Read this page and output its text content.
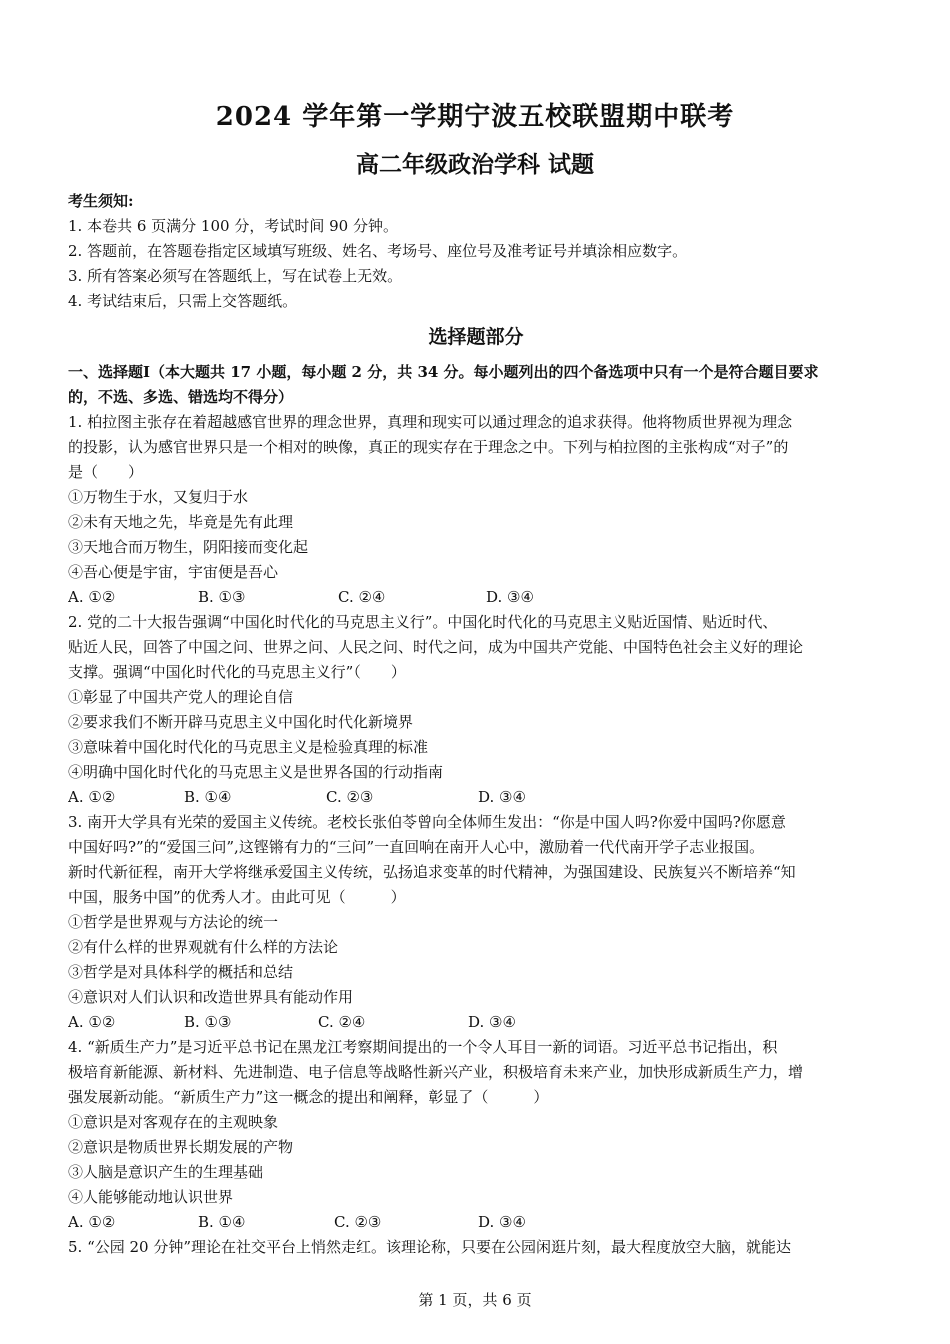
2024 学年第一学期宁波五校联盟期中联考
高二年级政治学科 试题
考生须知:
1. 本卷共 6 页满分 100 分，考试时间 90 分钟。
2. 答题前，在答题卷指定区域填写班级、姓名、考场号、座位号及准考证号并填涂相应数字。
3. 所有答案必须写在答题纸上，写在试卷上无效。
4. 考试结束后，只需上交答题纸。
选择题部分
一、选择题Ⅰ（本大题共 17 小题，每小题 2 分，共 34 分。每小题列出的四个备选项中只有一个是符合题目要求
的，不选、多选、错选均不得分）
1. 柏拉图主张存在着超越感官世界的理念世界，真理和现实可以通过理念的追求获得。他将物质世界视为理念
的投影，认为感官世界只是一个相对的映像，真正的现实存在于理念之中。下列与柏拉图的主张构成“对子”的
是（　　）
①万物生于水，又复归于水
②未有天地之先，毕竟是先有此理
③天地合而万物生，阴阳接而变化起
④吾心便是宇宙，宇宙便是吾心
A. ①②	B. ①③	C. ②④	D. ③④
2. 党的二十大报告强调“中国化时代化的马克思主义行”。中国化时代化的马克思主义贴近国情、贴近时代、
贴近人民，回答了中国之问、世界之问、人民之问、时代之问，成为中国共产党能、中国特色社会主义好的理论
支撑。强调“中国化时代化的马克思主义行”（　　）
①彰显了中国共产党人的理论自信
②要求我们不断开辟马克思主义中国化时代化新境界
③意味着中国化时代化的马克思主义是检验真理的标准
④明确中国化时代化的马克思主义是世界各国的行动指南
A. ①②	B. ①④	C. ②③	D. ③④
3. 南开大学具有光荣的爱国主义传统。老校长张伯苓曾向全体师生发出：“你是中国人吗?你爱中国吗?你愿意
中国好吗?”的“爱国三问”,这铿锵有力的“三问”一直回响在南开人心中，激励着一代代南开学子志业报国。
新时代新征程，南开大学将继承爱国主义传统，弘扬追求变革的时代精神，为强国建设、民族复兴不断培养“知
中国，服务中国”的优秀人才。由此可见（　　　）
①哲学是世界观与方法论的统一
②有什么样的世界观就有什么样的方法论
③哲学是对具体科学的概括和总结
④意识对人们认识和改造世界具有能动作用
A. ①②	B. ①③	C. ②④	D. ③④
4. “新质生产力”是习近平总书记在黑龙江考察期间提出的一个令人耳目一新的词语。习近平总书记指出，积
极培育新能源、新材料、先进制造、电子信息等战略性新兴产业，积极培育未来产业，加快形成新质生产力，增
强发展新动能。“新质生产力”这一概念的提出和阐释，彰显了（　　　）
①意识是对客观存在的主观映象
②意识是物质世界长期发展的产物
③人脑是意识产生的生理基础
④人能够能动地认识世界
A. ①②	B. ①④	C. ②③	D. ③④
5. “公园 20 分钟”理论在社交平台上悄然走红。该理论称，只要在公园闲逛片刻，最大程度放空大脑，就能达
第 1 页，共 6 页
